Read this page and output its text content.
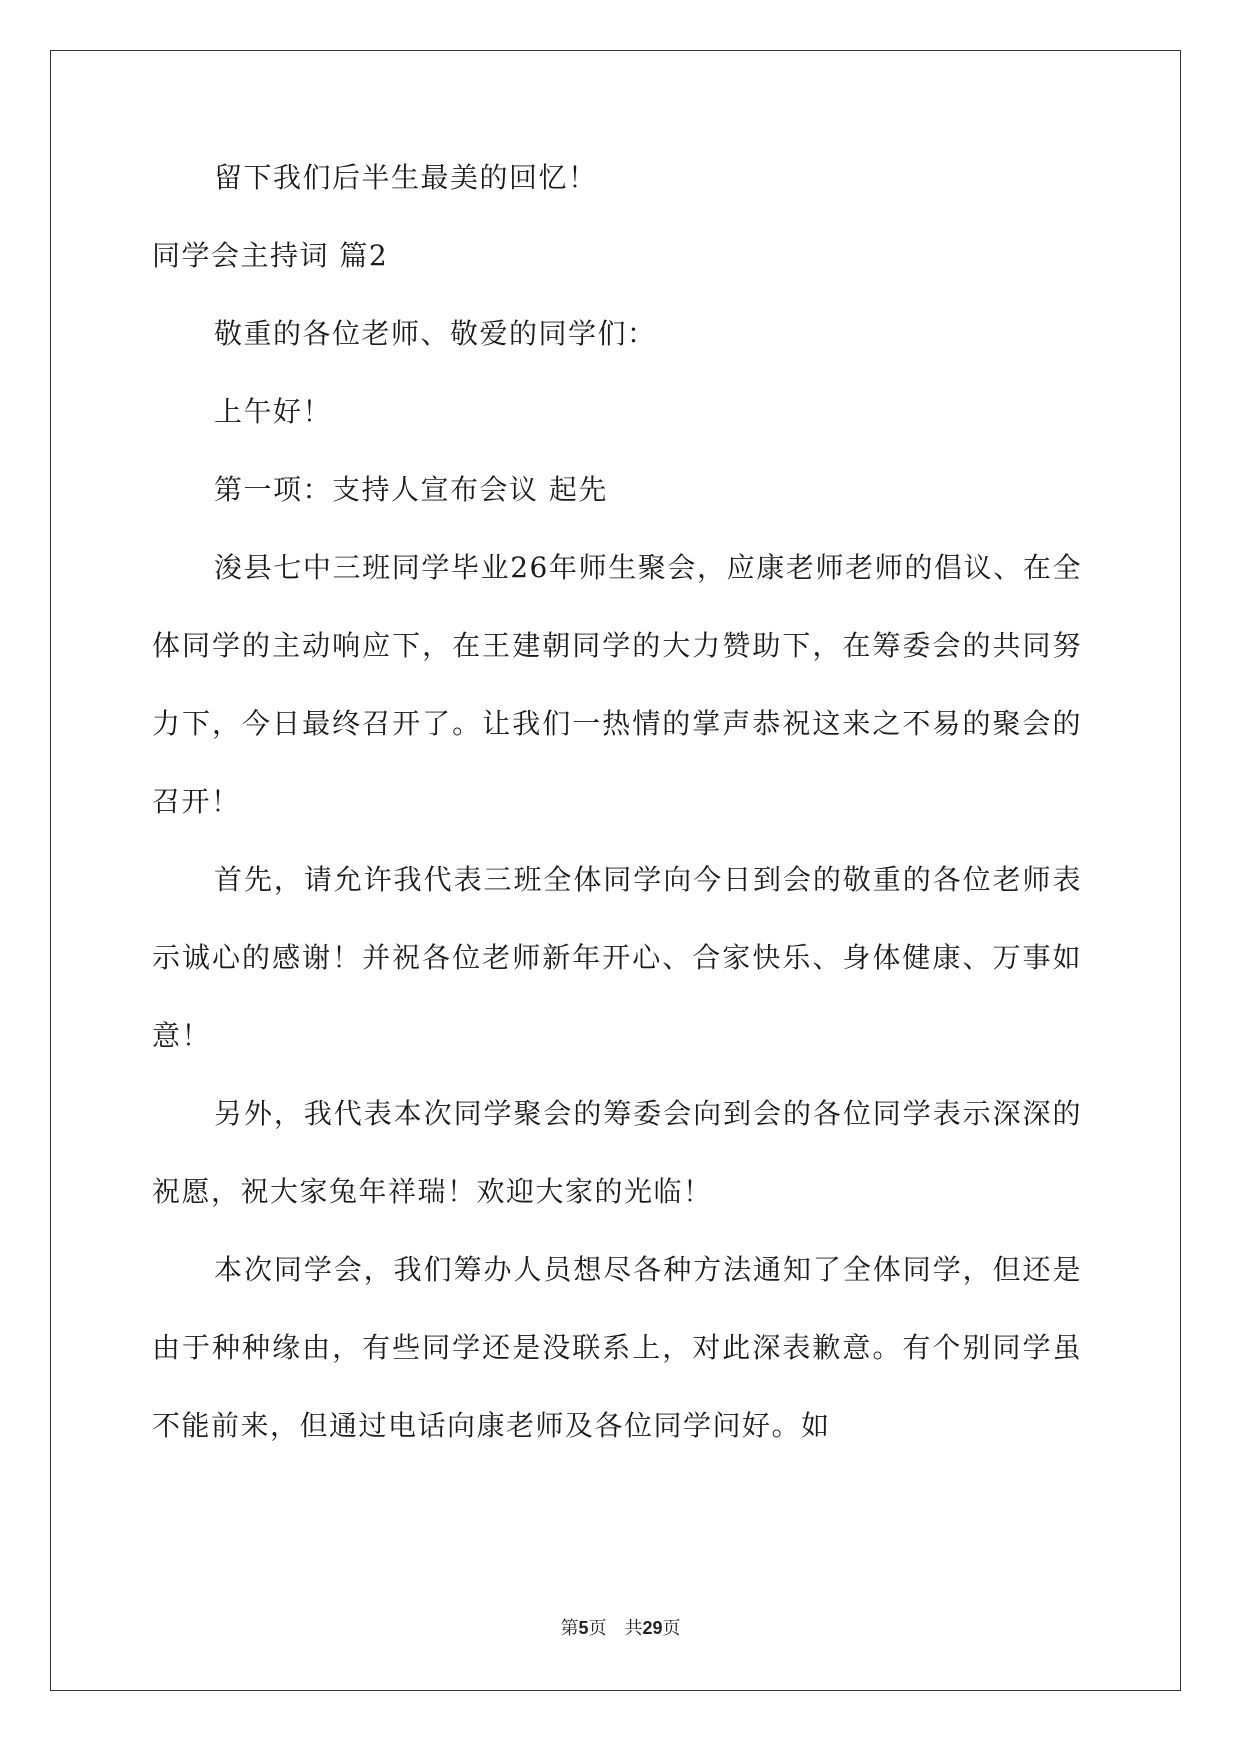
留下我们后半生最美的回忆！
同学会主持词 篇2
敬重的各位老师、敬爱的同学们：
上午好！
第一项：支持人宣布会议 起先
浚县七中三班同学毕业26年师生聚会，应康老师老师的倡议、在全体同学的主动响应下，在王建朝同学的大力赞助下，在筹委会的共同努力下，今日最终召开了。让我们一热情的掌声恭祝这来之不易的聚会的召开！
首先，请允许我代表三班全体同学向今日到会的敬重的各位老师表示诚心的感谢！并祝各位老师新年开心、合家快乐、身体健康、万事如意！
另外，我代表本次同学聚会的筹委会向到会的各位同学表示深深的祝愿，祝大家兔年祥瑞！欢迎大家的光临！
本次同学会，我们筹办人员想尽各种方法通知了全体同学，但还是由于种种缘由，有些同学还是没联系上，对此深表歉意。有个别同学虽不能前来，但通过电话向康老师及各位同学问好。如
第5页　共29页
